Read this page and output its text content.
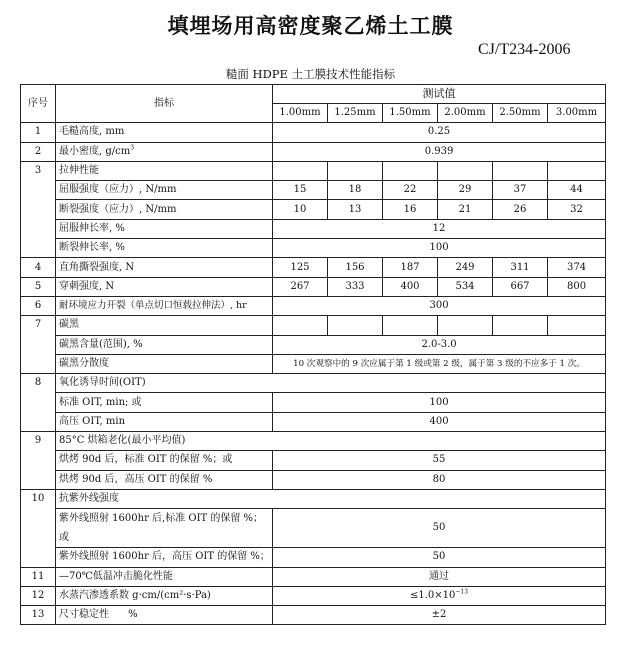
填埋场用高密度聚乙烯土工膜
CJ/T234-2006
糙面 HDPE 土工膜技术性能指标
序号	指标	测试值					
		1.00mm	1.25mm	1.50mm	2.00mm	2.50mm	3.00mm
1	毛糙高度, mm	0.25					
2	最小密度, $g/cm^3$	0.939					
3	拉伸性能						
	屈服强度（应力）, N/mm	15	18	22	29	37	44
	断裂强度（应力）, N/mm	10	13	16	21	26	32
	屈服伸长率, %	12					
	断裂伸长率, %	100					
4	直角撕裂强度, N	125	156	187	249	311	374
5	穿刺强度, N	267	333	400	534	667	800
6	耐环境应力开裂（单点切口恒载拉伸法）, hr	300					
7	碳黑						
	碳黑含量(范围), %	2.0-3.0					
	碳黑分散度	10 次观察中的 9 次应属于第 1 级或第 2 级，属于第 3 级的不应多于 1 次。					
8	氧化诱导时间(OIT)						
	标准 OIT, min; 或	100					
	高压 OIT, min	400					
9	85°C 烘箱老化(最小平均值)						
	烘烤 90d 后，标准 OIT 的保留 %；或	55					
	烘烤 90d 后，高压 OIT 的保留 %	80					
10	抗紫外线强度						
	紫外线照射 1600hr 后,标准 OIT 的保留 %；或	50					
	紫外线照射 1600hr 后，高压 OIT 的保留 %；	50					
11	—70℃低温冲击脆化性能	通过					
12	水蒸汽渗透系数 g·cm/(cm²·s·Pa)	$\le 1.0\times 10^{-13}$
13	尺寸稳定性      %	±2					
